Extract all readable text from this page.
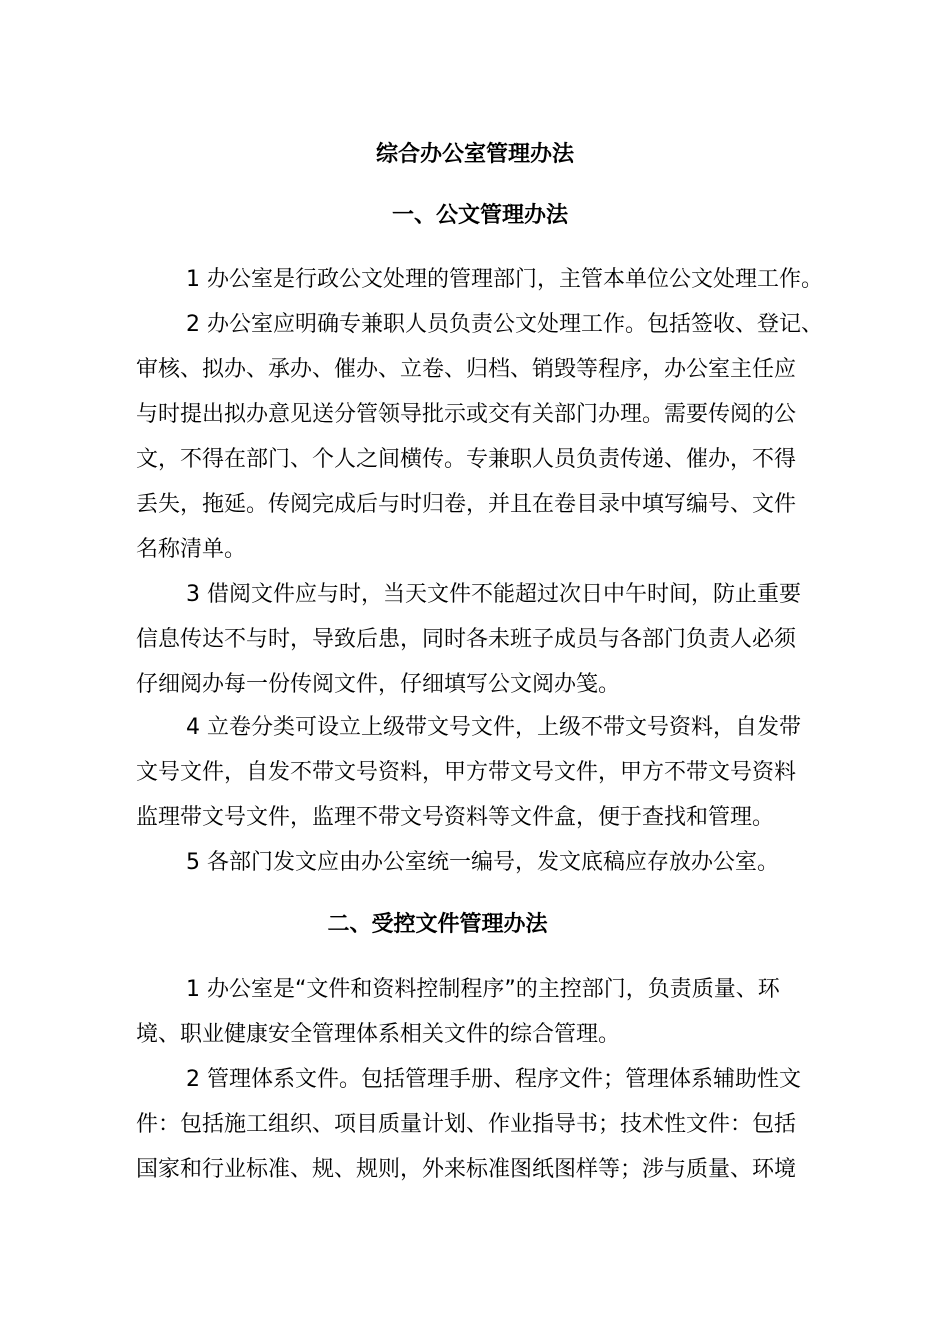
综合办公室管理办法
一、公文管理办法
1 办公室是行政公文处理的管理部门，主管本单位公文处理工作。
2 办公室应明确专兼职人员负责公文处理工作。包括签收、登记、
审核、拟办、承办、催办、立卷、归档、销毁等程序，办公室主任应
与时提出拟办意见送分管领导批示或交有关部门办理。需要传阅的公
文，不得在部门、个人之间横传。专兼职人员负责传递、催办，不得
丢失，拖延。传阅完成后与时归卷，并且在卷目录中填写编号、文件
名称清单。
3 借阅文件应与时，当天文件不能超过次日中午时间，防止重要
信息传达不与时，导致后患，同时各未班子成员与各部门负责人必须
仔细阅办每一份传阅文件，仔细填写公文阅办笺。
4 立卷分类可设立上级带文号文件，上级不带文号资料，自发带
文号文件，自发不带文号资料，甲方带文号文件，甲方不带文号资料
监理带文号文件，监理不带文号资料等文件盒，便于查找和管理。
5 各部门发文应由办公室统一编号，发文底稿应存放办公室。
二、受控文件管理办法
1 办公室是“文件和资料控制程序”的主控部门，负责质量、环
境、职业健康安全管理体系相关文件的综合管理。
2 管理体系文件。包括管理手册、程序文件；管理体系辅助性文
件：包括施工组织、项目质量计划、作业指导书；技术性文件：包括
国家和行业标准、规、规则，外来标准图纸图样等；涉与质量、环境
